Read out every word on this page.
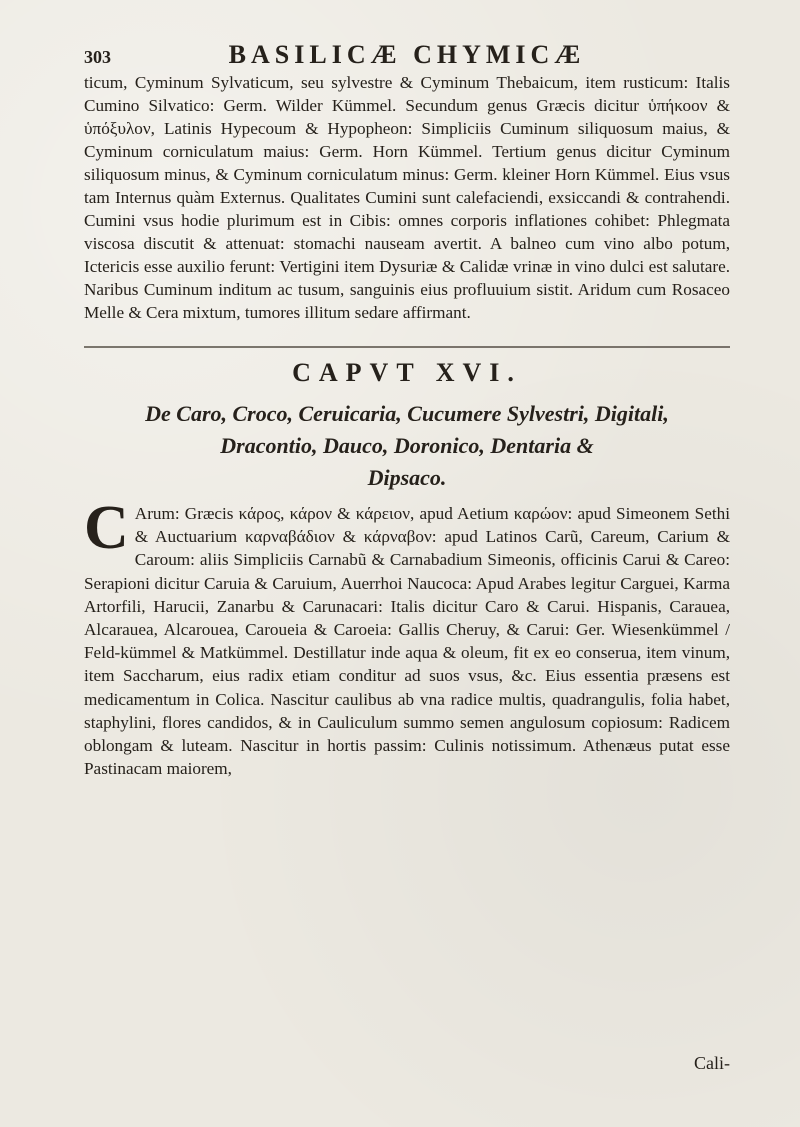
303	BASILICÆ CHYMICÆ

ticum, Cyminum Sylvaticum, seu sylvestre & Cyminum Thebaicum, item rusticum: Italis Cumino Silvatico: Germ. Wilder Kümmel. Secundum genus Græcis dicitur ὑπήκοον & ὑπόξυλον, Latinis Hypecoum & Hypopheon: Simpliciis Cuminum siliquosum maius, & Cyminum corniculatum maius: Germ. Horn Kümmel. Tertium genus dicitur Cyminum siliquosum minus, & Cyminum corniculatum minus: Germ. kleiner Horn Kümmel. Eius vsus tam Internus quàm Externus. Qualitates Cumini sunt calefaciendi, exsiccandi & contrahendi. Cumini vsus hodie plurimum est in Cibis: omnes corporis inflationes cohibet: Phlegmata viscosa discutit & attenuat: stomachi nauseam avertit. A balneo cum vino albo potum, Ictericis esse auxilio ferunt: Vertigini item Dysuriæ & Calidæ vrinæ in vino dulci est salutare. Naribus Cuminum inditum ac tusum, sanguinis eius profluuium sistit. Aridum cum Rosaceo Melle & Cera mixtum, tumores illitum sedare affirmant.

CAPVT XVI.
De Caro, Croco, Ceruicaria, Cucumere Sylvestri, Digitali,
Dracontio, Dauco, Doronico, Dentaria &
Dipsaco.
C Arum: Græcis κάρος, κάρον & κάρειον, apud Aetium καρώον: apud Simeonem Sethi & Auctuarium καρναβάδιον & κάρναβον: apud Latinos Carũ, Careum, Carium & Caroum: aliis Simpliciis Carnabũ & Carnabadium Simeonis, officinis Carui & Careo: Serapioni dicitur Caruia & Caruium, Auerrhoi Naucoca: Apud Arabes legitur Carguei, Karma Artorfili, Harucii, Zanarbu & Carunacari: Italis dicitur Caro & Carui. Hispanis, Carauea, Alcarauea, Alcarouea, Caroueia & Caroeia: Gallis Cheruy, & Carui: Ger. Wiesenkümmel / Feld-kümmel & Matkümmel. Destillatur inde aqua & oleum, fit ex eo conserua, item vinum, item Saccharum, eius radix etiam conditur ad suos vsus, &c. Eius essentia præsens est medicamentum in Colica. Nascitur caulibus ab vna radice multis, quadrangulis, folia habet, staphylini, flores candidos, & in Cauliculum summo semen angulosum copiosum: Radicem oblongam & luteam. Nascitur in hortis passim: Culinis notissimum. Athenæus putat esse Pastinacam maiorem,

Cali-
